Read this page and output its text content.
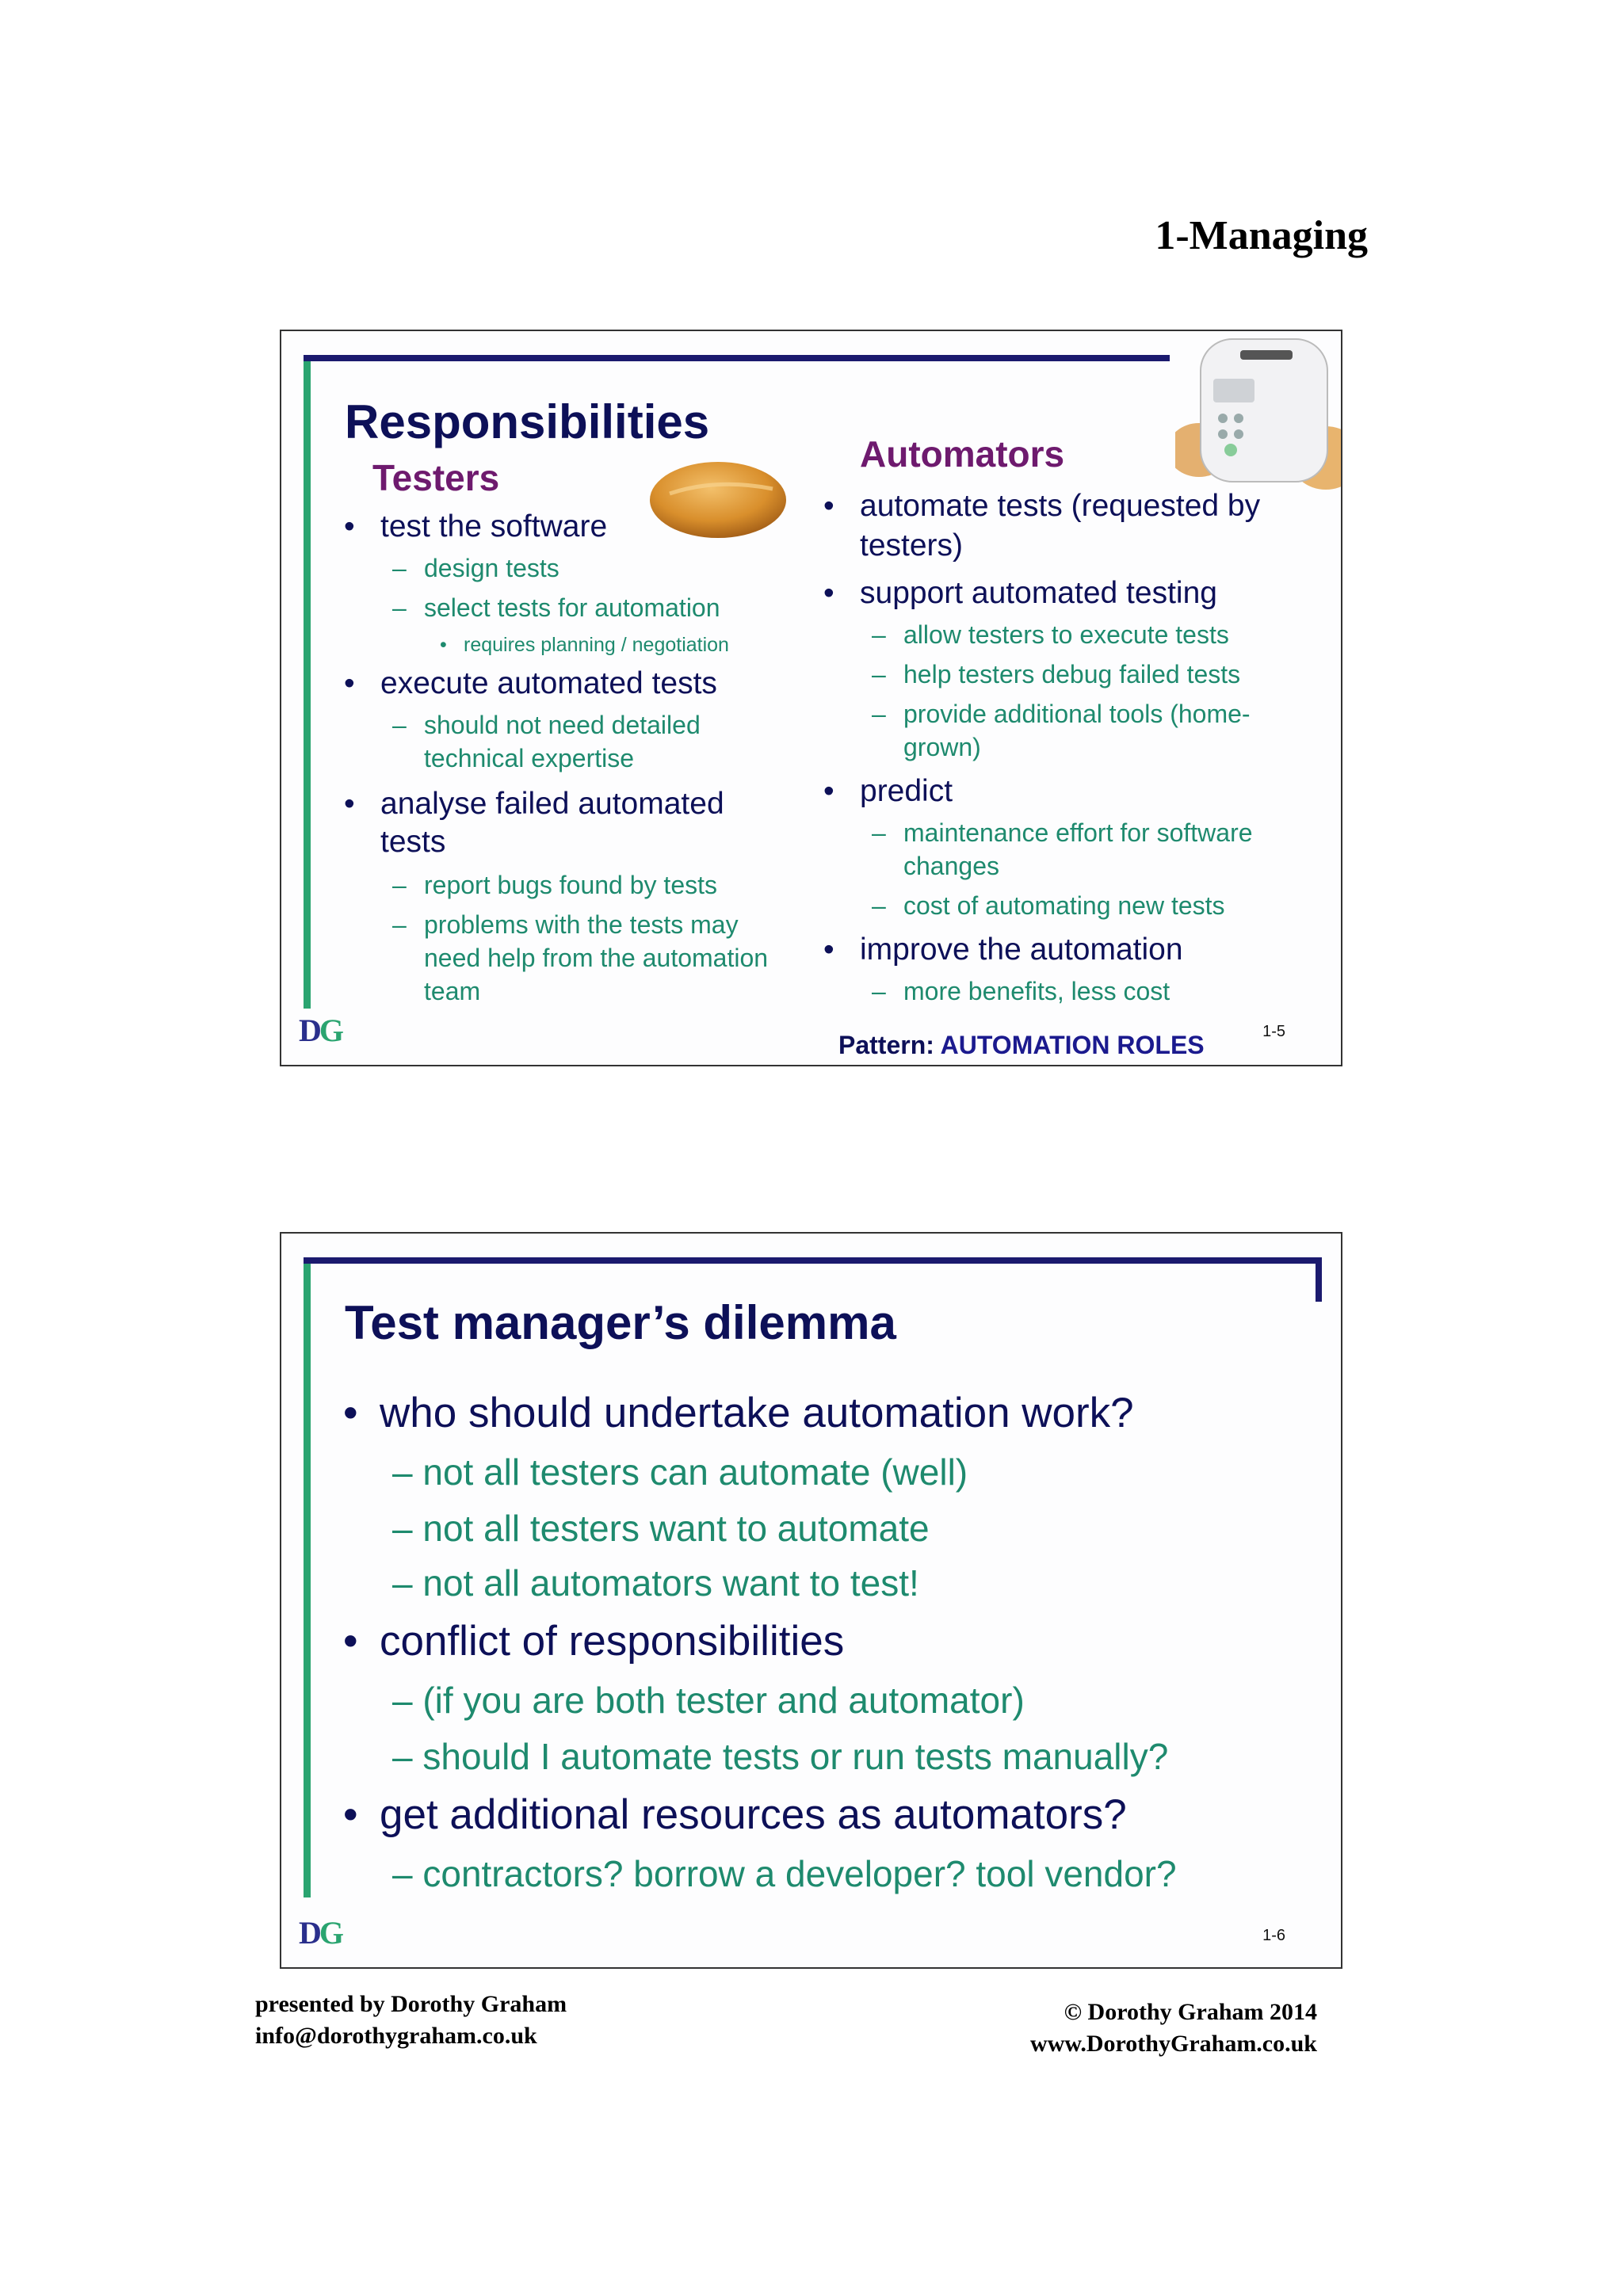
1-Managing
Responsibilities
Testers
• test the software
– design tests
– select tests for automation
• requires planning / negotiation
• execute automated tests
– should not need detailed
technical expertise
• analyse failed automated
tests
– report bugs found by tests
– problems with the tests may
need help from the automation
team
Automators
• automate tests (requested by
testers)
• support automated testing
– allow testers to execute tests
– help testers debug failed tests
– provide additional tools (home-
grown)
• predict
– maintenance effort for software
changes
– cost of automating new tests
• improve the automation
– more benefits, less cost
Pattern: AUTOMATION ROLES
DG	1-5
Test manager’s dilemma
• who should undertake automation work?
– not all testers can automate (well)
– not all testers want to automate
– not all automators want to test!
• conflict of responsibilities
– (if you are both tester and automator)
– should I automate tests or run tests manually?
• get additional resources as automators?
– contractors? borrow a developer? tool vendor?
DG	1-6
presented by Dorothy Graham
info@dorothygraham.co.uk
© Dorothy Graham 2014
www.DorothyGraham.co.uk
